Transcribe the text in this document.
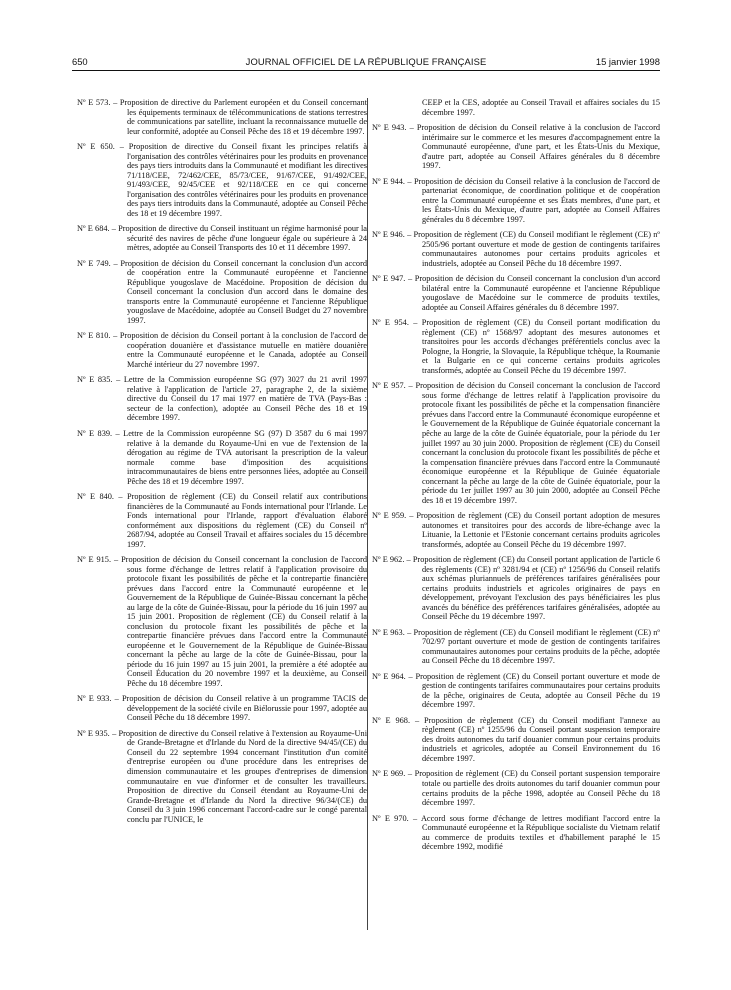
650	JOURNAL OFFICIEL DE LA RÉPUBLIQUE FRANÇAISE	15 janvier 1998

Nº E 573. – Proposition de directive du Parlement européen et du Conseil concernant les équipements terminaux de télécommunications de stations terrestres de communications par satellite, incluant la reconnaissance mutuelle de leur conformité, adoptée au Conseil Pêche des 18 et 19 décembre 1997.

Nº E 650. – Proposition de directive du Conseil fixant les principes relatifs à l'organisation des contrôles vétérinaires pour les produits en provenance des pays tiers introduits dans la Communauté et modifiant les directives 71/118/CEE, 72/462/CEE, 85/73/CEE, 91/67/CEE, 91/492/CEE, 91/493/CEE, 92/45/CEE et 92/118/CEE en ce qui concerne l'organisation des contrôles vétérinaires pour les produits en provenance des pays tiers introduits dans la Communauté, adoptée au Conseil Pêche des 18 et 19 décembre 1997.

Nº E 684. – Proposition de directive du Conseil instituant un régime harmonisé pour la sécurité des navires de pêche d'une longueur égale ou supérieure à 24 mètres, adoptée au Conseil Transports des 10 et 11 décembre 1997.

Nº E 749. – Proposition de décision du Conseil concernant la conclusion d'un accord de coopération entre la Communauté européenne et l'ancienne République yougoslave de Macédoine. Proposition de décision du Conseil concernant la conclusion d'un accord dans le domaine des transports entre la Communauté européenne et l'ancienne République yougoslave de Macédoine, adoptée au Conseil Budget du 27 novembre 1997.

Nº E 810. – Proposition de décision du Conseil portant à la conclusion de l'accord de coopération douanière et d'assistance mutuelle en matière douanière entre la Communauté européenne et le Canada, adoptée au Conseil Marché intérieur du 27 novembre 1997.

Nº E 835. – Lettre de la Commission européenne SG (97) 3027 du 21 avril 1997 relative à l'application de l'article 27, paragraphe 2, de la sixième directive du Conseil du 17 mai 1977 en matière de TVA (Pays-Bas : secteur de la confection), adoptée au Conseil Pêche des 18 et 19 décembre 1997.

Nº E 839. – Lettre de la Commission européenne SG (97) D 3587 du 6 mai 1997 relative à la demande du Royaume-Uni en vue de l'extension de la dérogation au régime de TVA autorisant la prescription de la valeur normale comme base d'imposition des acquisitions intracommunautaires de biens entre personnes liées, adoptée au Conseil Pêche des 18 et 19 décembre 1997.

Nº E 840. – Proposition de règlement (CE) du Conseil relatif aux contributions financières de la Communauté au Fonds international pour l'Irlande. Le Fonds international pour l'Irlande, rapport d'évaluation élaboré conformément aux dispositions du règlement (CE) du Conseil nº 2687/94, adoptée au Conseil Travail et affaires sociales du 15 décembre 1997.

Nº E 915. – Proposition de décision du Conseil concernant la conclusion de l'accord sous forme d'échange de lettres relatif à l'application provisoire du protocole fixant les possibilités de pêche et la contrepartie financière prévues dans l'accord entre la Communauté européenne et le Gouvernement de la République de Guinée-Bissau concernant la pêche au large de la côte de Guinée-Bissau, pour la période du 16 juin 1997 au 15 juin 2001. Proposition de règlement (CE) du Conseil relatif à la conclusion du protocole fixant les possibilités de pêche et la contrepartie financière prévues dans l'accord entre la Communauté européenne et le Gouvernement de la République de Guinée-Bissau concernant la pêche au large de la côte de Guinée-Bissau, pour la période du 16 juin 1997 au 15 juin 2001, la première a été adoptée au Conseil Éducation du 20 novembre 1997 et la deuxième, au Conseil Pêche du 18 décembre 1997.

Nº E 933. – Proposition de décision du Conseil relative à un programme TACIS de développement de la société civile en Biélorussie pour 1997, adoptée au Conseil Pêche du 18 décembre 1997.

Nº E 935. – Proposition de directive du Conseil relative à l'extension au Royaume-Uni de Grande-Bretagne et d'Irlande du Nord de la directive 94/45/(CE) du Conseil du 22 septembre 1994 concernant l'institution d'un comité d'entreprise européen ou d'une procédure dans les entreprises de dimension communautaire et les groupes d'entreprises de dimension communautaire en vue d'informer et de consulter les travailleurs. Proposition de directive du Conseil étendant au Royaume-Uni de Grande-Bretagne et d'Irlande du Nord la directive 96/34/(CE) du Conseil du 3 juin 1996 concernant l'accord-cadre sur le congé parental conclu par l'UNICE, le

CEEP et la CES, adoptée au Conseil Travail et affaires sociales du 15 décembre 1997.

Nº E 943. – Proposition de décision du Conseil relative à la conclusion de l'accord intérimaire sur le commerce et les mesures d'accompagnement entre la Communauté européenne, d'une part, et les États-Unis du Mexique, d'autre part, adoptée au Conseil Affaires générales du 8 décembre 1997.

Nº E 944. – Proposition de décision du Conseil relative à la conclusion de l'accord de partenariat économique, de coordination politique et de coopération entre la Communauté européenne et ses États membres, d'une part, et les États-Unis du Mexique, d'autre part, adoptée au Conseil Affaires générales du 8 décembre 1997.

Nº E 946. – Proposition de règlement (CE) du Conseil modifiant le règlement (CE) nº 2505/96 portant ouverture et mode de gestion de contingents tarifaires communautaires autonomes pour certains produits agricoles et industriels, adoptée au Conseil Pêche du 18 décembre 1997.

Nº E 947. – Proposition de décision du Conseil concernant la conclusion d'un accord bilatéral entre la Communauté européenne et l'ancienne République yougoslave de Macédoine sur le commerce de produits textiles, adoptée au Conseil Affaires générales du 8 décembre 1997.

Nº E 954. – Proposition de règlement (CE) du Conseil portant modification du règlement (CE) nº 1568/97 adoptant des mesures autonomes et transitoires pour les accords d'échanges préférentiels conclus avec la Pologne, la Hongrie, la Slovaquie, la République tchèque, la Roumanie et la Bulgarie en ce qui concerne certains produits agricoles transformés, adoptée au Conseil Pêche du 19 décembre 1997.

Nº E 957. – Proposition de décision du Conseil concernant la conclusion de l'accord sous forme d'échange de lettres relatif à l'application provisoire du protocole fixant les possibilités de pêche et la compensation financière prévues dans l'accord entre la Communauté économique européenne et le Gouvernement de la République de Guinée équatoriale concernant la pêche au large de la côte de Guinée équatoriale, pour la période du 1er juillet 1997 au 30 juin 2000. Proposition de règlement (CE) du Conseil concernant la conclusion du protocole fixant les possibilités de pêche et la compensation financière prévues dans l'accord entre la Communauté économique européenne et la République de Guinée équatoriale concernant la pêche au large de la côte de Guinée équatoriale, pour la période du 1er juillet 1997 au 30 juin 2000, adoptée au Conseil Pêche des 18 et 19 décembre 1997.

Nº E 959. – Proposition de règlement (CE) du Conseil portant adoption de mesures autonomes et transitoires pour des accords de libre-échange avec la Lituanie, la Lettonie et l'Estonie concernant certains produits agricoles transformés, adoptée au Conseil Pêche du 19 décembre 1997.

Nº E 962. – Proposition de règlement (CE) du Conseil portant application de l'article 6 des règlements (CE) nº 3281/94 et (CE) nº 1256/96 du Conseil relatifs aux schémas pluriannuels de préférences tarifaires généralisées pour certains produits industriels et agricoles originaires de pays en développement, prévoyant l'exclusion des pays bénéficiaires les plus avancés du bénéfice des préférences tarifaires généralisées, adoptée au Conseil Pêche du 19 décembre 1997.

Nº E 963. – Proposition de règlement (CE) du Conseil modifiant le règlement (CE) nº 702/97 portant ouverture et mode de gestion de contingents tarifaires communautaires autonomes pour certains produits de la pêche, adoptée au Conseil Pêche du 18 décembre 1997.

Nº E 964. – Proposition de règlement (CE) du Conseil portant ouverture et mode de gestion de contingents tarifaires communautaires pour certains produits de la pêche, originaires de Ceuta, adoptée au Conseil Pêche du 19 décembre 1997.

Nº E 968. – Proposition de règlement (CE) du Conseil modifiant l'annexe au règlement (CE) nº 1255/96 du Conseil portant suspension temporaire des droits autonomes du tarif douanier commun pour certains produits industriels et agricoles, adoptée au Conseil Environnement du 16 décembre 1997.

Nº E 969. – Proposition de règlement (CE) du Conseil portant suspension temporaire totale ou partielle des droits autonomes du tarif douanier commun pour certains produits de la pêche 1998, adoptée au Conseil Pêche du 18 décembre 1997.

Nº E 970. – Accord sous forme d'échange de lettres modifiant l'accord entre la Communauté européenne et la République socialiste du Vietnam relatif au commerce de produits textiles et d'habillement paraphé le 15 décembre 1992, modifié
